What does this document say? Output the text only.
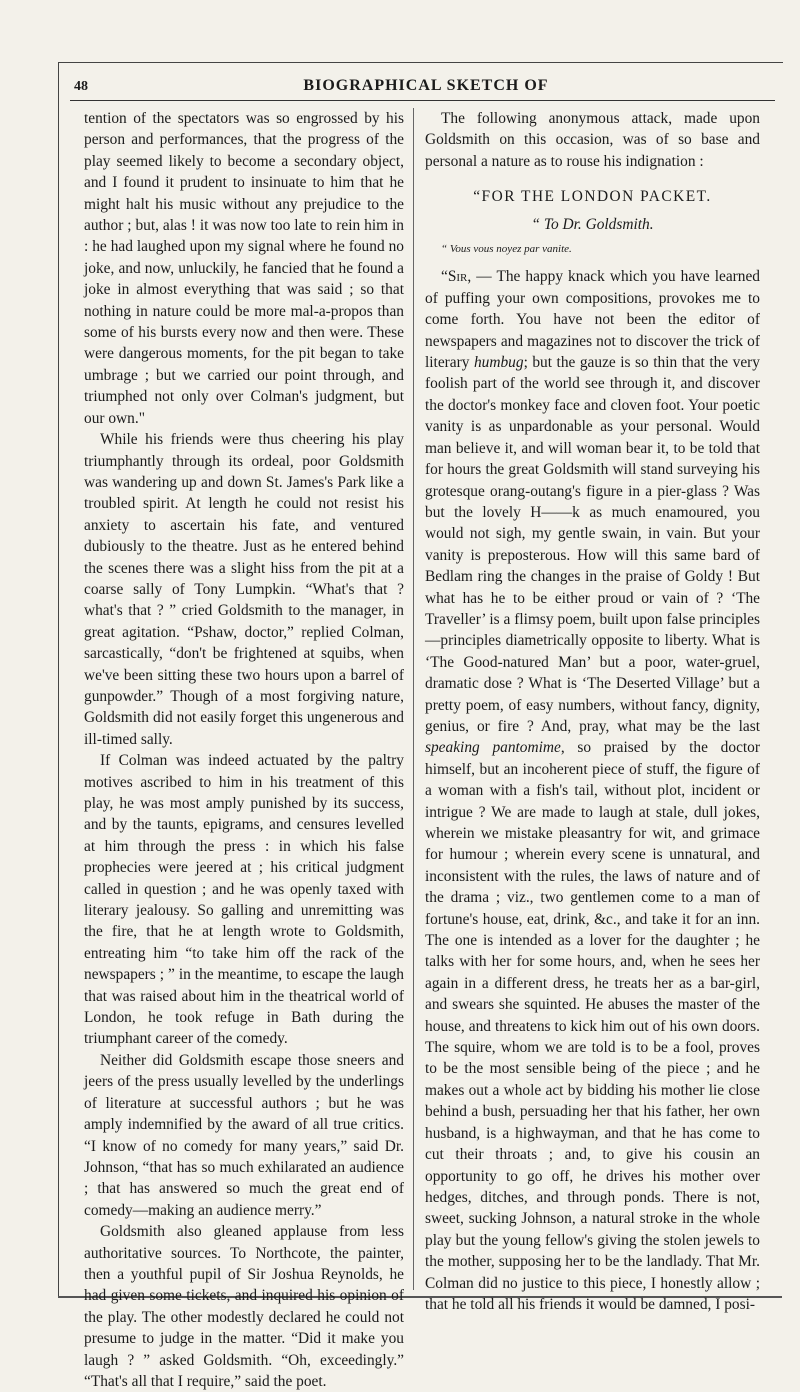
48	BIOGRAPHICAL SKETCH OF

tention of the spectators was so engrossed by his person and performances, that the progress of the play seemed likely to become a secondary object, and I found it prudent to insinuate to him that he might halt his music without any prejudice to the author ; but, alas ! it was now too late to rein him in : he had laughed upon my signal where he found no joke, and now, unluckily, he fancied that he found a joke in almost everything that was said ; so that nothing in nature could be more mal-a-propos than some of his bursts every now and then were. These were dangerous moments, for the pit began to take umbrage ; but we carried our point through, and triumphed not only over Colman's judgment, but our own."

While his friends were thus cheering his play triumphantly through its ordeal, poor Goldsmith was wandering up and down St. James's Park like a troubled spirit. At length he could not resist his anxiety to ascertain his fate, and ventured dubiously to the theatre. Just as he entered behind the scenes there was a slight hiss from the pit at a coarse sally of Tony Lumpkin. “What's that ? what's that ? ” cried Goldsmith to the manager, in great agitation. “Pshaw, doctor,” replied Colman, sarcastically, “don't be frightened at squibs, when we've been sitting these two hours upon a barrel of gunpowder.” Though of a most forgiving nature, Goldsmith did not easily forget this ungenerous and ill-timed sally.

If Colman was indeed actuated by the paltry motives ascribed to him in his treatment of this play, he was most amply punished by its success, and by the taunts, epigrams, and censures levelled at him through the press : in which his false prophecies were jeered at ; his critical judgment called in question ; and he was openly taxed with literary jealousy. So galling and unremitting was the fire, that he at length wrote to Goldsmith, entreating him “to take him off the rack of the newspapers ; ” in the meantime, to escape the laugh that was raised about him in the theatrical world of London, he took refuge in Bath during the triumphant career of the comedy.

Neither did Goldsmith escape those sneers and jeers of the press usually levelled by the underlings of literature at successful authors ; but he was amply indemnified by the award of all true critics. “I know of no comedy for many years,” said Dr. Johnson, “that has so much exhilarated an audience ; that has answered so much the great end of comedy—making an audience merry.”

Goldsmith also gleaned applause from less authoritative sources. To Northcote, the painter, then a youthful pupil of Sir Joshua Reynolds, he had given some tickets, and inquired his opinion of the play. The other modestly declared he could not presume to judge in the matter. “Did it make you laugh ? ” asked Goldsmith. “Oh, exceedingly.” “That's all that I require,” said the poet.

The following anonymous attack, made upon Goldsmith on this occasion, was of so base and personal a nature as to rouse his indignation :

“FOR THE LONDON PACKET.

“ To Dr. Goldsmith.

“ Vous vous noyez par vanite.

“Sir, — The happy knack which you have learned of puffing your own compositions, provokes me to come forth. You have not been the editor of newspapers and magazines not to discover the trick of literary humbug; but the gauze is so thin that the very foolish part of the world see through it, and discover the doctor's monkey face and cloven foot. Your poetic vanity is as unpardonable as your personal. Would man believe it, and will woman bear it, to be told that for hours the great Goldsmith will stand surveying his grotesque orang-outang's figure in a pier-glass ? Was but the lovely H——k as much enamoured, you would not sigh, my gentle swain, in vain. But your vanity is preposterous. How will this same bard of Bedlam ring the changes in the praise of Goldy ! But what has he to be either proud or vain of ? ‘The Traveller’ is a flimsy poem, built upon false principles—principles diametrically opposite to liberty. What is ‘The Good-natured Man’ but a poor, water-gruel, dramatic dose ? What is ‘The Deserted Village’ but a pretty poem, of easy numbers, without fancy, dignity, genius, or fire ? And, pray, what may be the last speaking pantomime, so praised by the doctor himself, but an incoherent piece of stuff, the figure of a woman with a fish's tail, without plot, incident or intrigue ? We are made to laugh at stale, dull jokes, wherein we mistake pleasantry for wit, and grimace for humour ; wherein every scene is unnatural, and inconsistent with the rules, the laws of nature and of the drama ; viz., two gentlemen come to a man of fortune's house, eat, drink, &c., and take it for an inn. The one is intended as a lover for the daughter ; he talks with her for some hours, and, when he sees her again in a different dress, he treats her as a bar-girl, and swears she squinted. He abuses the master of the house, and threatens to kick him out of his own doors. The squire, whom we are told is to be a fool, proves to be the most sensible being of the piece ; and he makes out a whole act by bidding his mother lie close behind a bush, persuading her that his father, her own husband, is a highwayman, and that he has come to cut their throats ; and, to give his cousin an opportunity to go off, he drives his mother over hedges, ditches, and through ponds. There is not, sweet, sucking Johnson, a natural stroke in the whole play but the young fellow's giving the stolen jewels to the mother, supposing her to be the landlady. That Mr. Colman did no justice to this piece, I honestly allow ; that he told all his friends it would be damned, I posi-
